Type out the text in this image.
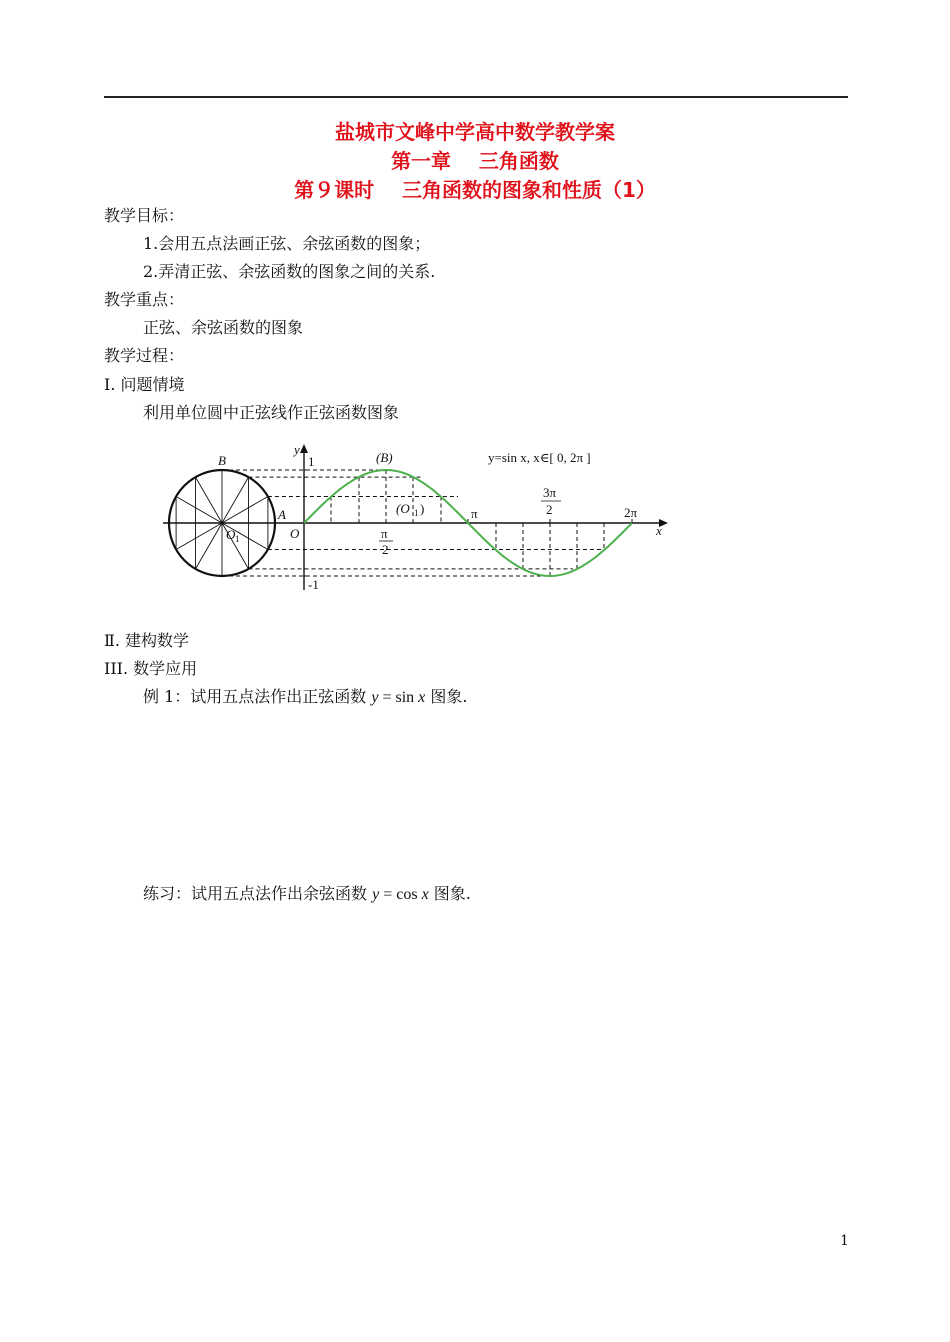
盐城市文峰中学高中数学教学案
第一章    三角函数
第９课时    三角函数的图象和性质（1）
教学目标：
1.会用五点法画正弦、余弦函数的图象；
2.弄清正弦、余弦函数的图象之间的关系.
教学重点：
正弦、余弦函数的图象
教学过程：
Ⅰ. 问题情境
利用单位圆中正弦线作正弦函数图象
y
1
-1
B	(B)
A
O 1
(O 1 )
O	x
π
2
π
3π
2	2π
y=sin x, x∈[ 0, 2π ]
Ⅱ. 建构数学
III. 数学应用
例 1：试用五点法作出正弦函数 y = sin x 图象.
练习：试用五点法作出余弦函数 y = cos x 图象.
1
